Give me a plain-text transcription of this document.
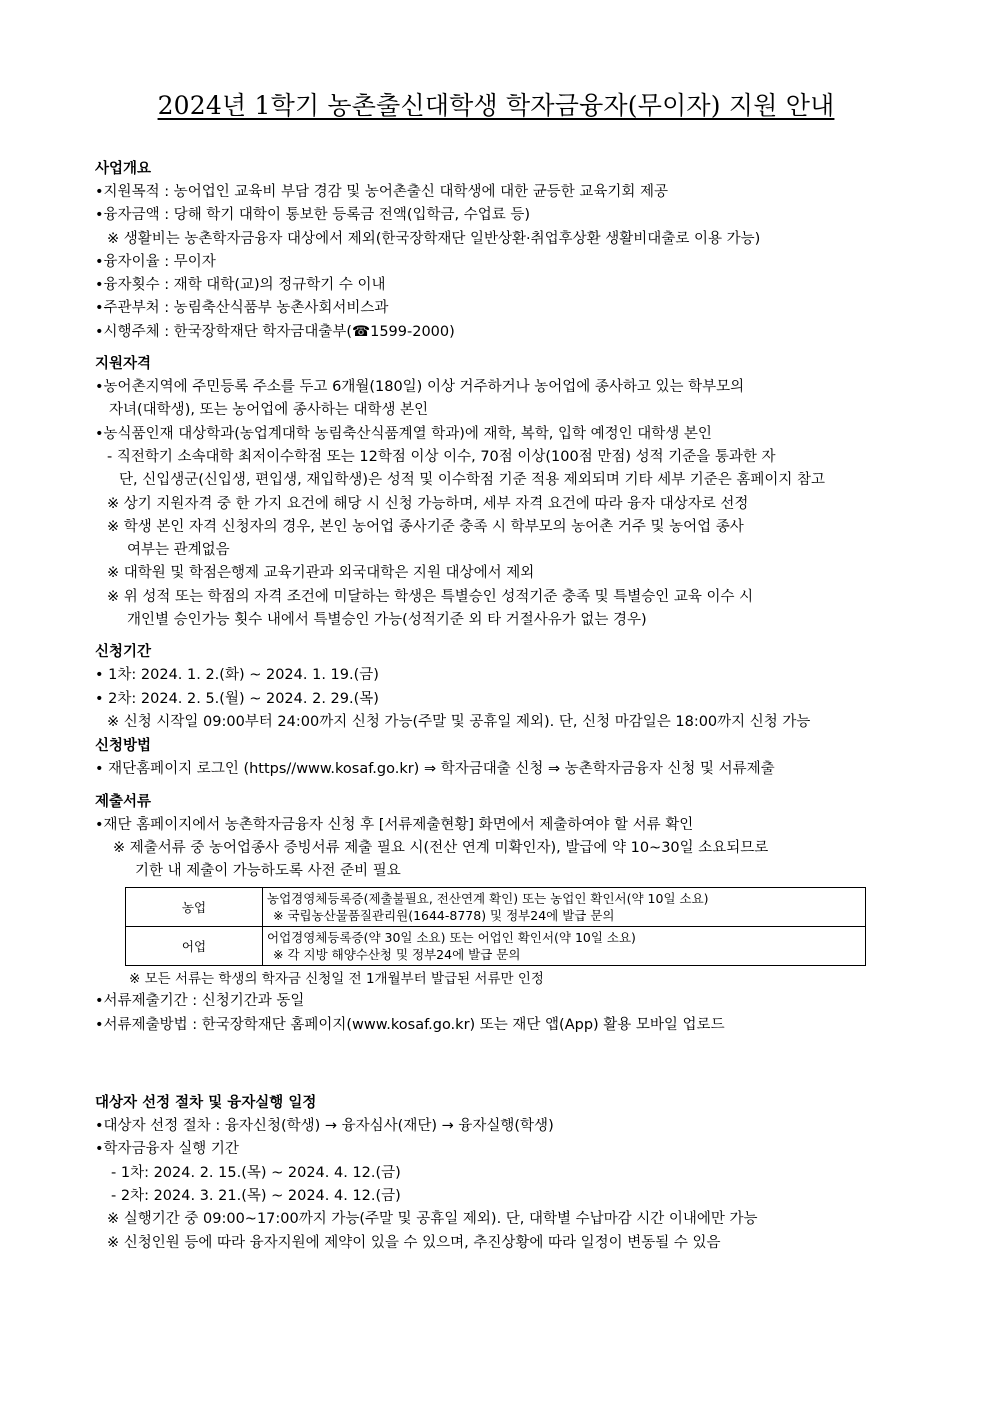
2024년 1학기 농촌출신대학생 학자금융자(무이자) 지원 안내

사업개요

•지원목적 : 농어업인 교육비 부담 경감 및 농어촌출신 대학생에 대한 균등한 교육기회 제공

•융자금액 : 당해 학기 대학이 통보한 등록금 전액(입학금, 수업료 등)

※ 생활비는 농촌학자금융자 대상에서 제외(한국장학재단 일반상환·취업후상환 생활비대출로 이용 가능)

•융자이율 : 무이자

•융자횟수 : 재학 대학(교)의 정규학기 수 이내

•주관부처 : 농림축산식품부 농촌사회서비스과

•시행주체 : 한국장학재단 학자금대출부(☎1599-2000)

지원자격

•농어촌지역에 주민등록 주소를 두고 6개월(180일) 이상 거주하거나 농어업에 종사하고 있는 학부모의

자녀(대학생), 또는 농어업에 종사하는 대학생 본인

•농식품인재 대상학과(농업계대학 농림축산식품계열 학과)에 재학, 복학, 입학 예정인 대학생 본인

- 직전학기 소속대학 최저이수학점 또는 12학점 이상 이수, 70점 이상(100점 만점) 성적 기준을 통과한 자

단, 신입생군(신입생, 편입생, 재입학생)은 성적 및 이수학점 기준 적용 제외되며 기타 세부 기준은 홈페이지 참고

※ 상기 지원자격 중 한 가지 요건에 해당 시 신청 가능하며, 세부 자격 요건에 따라 융자 대상자로 선정

※ 학생 본인 자격 신청자의 경우, 본인 농어업 종사기준 충족 시 학부모의 농어촌 거주 및 농어업 종사

여부는 관계없음

※ 대학원 및 학점은행제 교육기관과 외국대학은 지원 대상에서 제외

※ 위 성적 또는 학점의 자격 조건에 미달하는 학생은 특별승인 성적기준 충족 및 특별승인 교육 이수 시

개인별 승인가능 횟수 내에서 특별승인 가능(성적기준 외 타 거절사유가 없는 경우)

신청기간

• 1차: 2024. 1. 2.(화) ~ 2024. 1. 19.(금)

• 2차: 2024. 2. 5.(월) ~ 2024. 2. 29.(목)

※ 신청 시작일 09:00부터 24:00까지 신청 가능(주말 및 공휴일 제외). 단, 신청 마감일은 18:00까지 신청 가능

신청방법

• 재단홈페이지 로그인 (https//www.kosaf.go.kr) ⇒ 학자금대출 신청 ⇒ 농촌학자금융자 신청 및 서류제출

제출서류

•재단 홈페이지에서 농촌학자금융자 신청 후 [서류제출현황] 화면에서 제출하여야 할 서류 확인

※ 제출서류 중 농어업종사 증빙서류 제출 필요 시(전산 연계 미확인자), 발급에 약 10~30일 소요되므로

기한 내 제출이 가능하도록 사전 준비 필요

농업	농업경영체등록증(제출불필요, 전산연계 확인) 또는 농업인 확인서(약 10일 소요)
※ 국립농산물품질관리원(1644-8778) 및 정부24에 발급 문의

어업	어업경영체등록증(약 30일 소요) 또는 어업인 확인서(약 10일 소요)
※ 각 지방 해양수산청 및 정부24에 발급 문의

※ 모든 서류는 학생의 학자금 신청일 전 1개월부터 발급된 서류만 인정

•서류제출기간 : 신청기간과 동일

•서류제출방법 : 한국장학재단 홈페이지(www.kosaf.go.kr) 또는 재단 앱(App) 활용 모바일 업로드

대상자 선정 절차 및 융자실행 일정

•대상자 선정 절차 : 융자신청(학생) → 융자심사(재단) → 융자실행(학생)

•학자금융자 실행 기간

- 1차: 2024. 2. 15.(목) ~ 2024. 4. 12.(금)

- 2차: 2024. 3. 21.(목) ~ 2024. 4. 12.(금)

※ 실행기간 중 09:00~17:00까지 가능(주말 및 공휴일 제외). 단, 대학별 수납마감 시간 이내에만 가능

※ 신청인원 등에 따라 융자지원에 제약이 있을 수 있으며, 추진상황에 따라 일정이 변동될 수 있음
